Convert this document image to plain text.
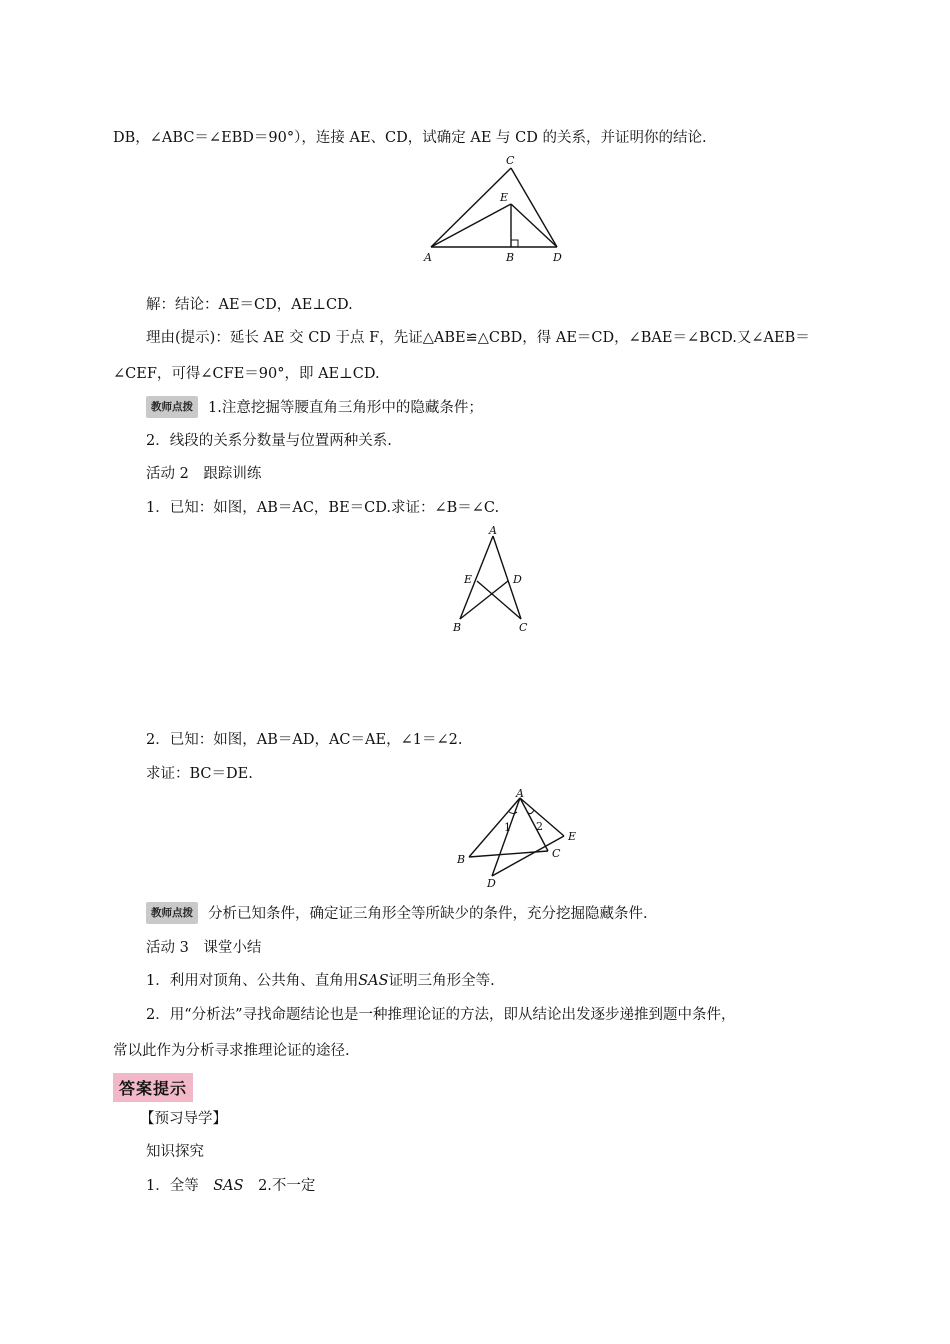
DB，∠ABC＝∠EBD＝90°），连接 AE、CD，试确定 AE 与 CD 的关系，并证明你的结论.
C
E
A	B	D
解：结论：AE＝CD，AE⊥CD.
理由(提示)：延长 AE 交 CD 于点 F，先证△ABE≌△CBD，得 AE＝CD，∠BAE＝∠BCD.又∠AEB＝
∠CEF，可得∠CFE＝90°，即 AE⊥CD.
教师点拨 1.注意挖掘等腰直角三角形中的隐藏条件；
2．线段的关系分数量与位置两种关系.
活动 2　跟踪训练
1．已知：如图，AB＝AC，BE＝CD.求证：∠B＝∠C.
A
E	D
B	C
2．已知：如图，AB＝AD，AC＝AE，∠1＝∠2.
求证：BC＝DE.
A
1 2
E
B	C
D
教师点拨 分析已知条件，确定证三角形全等所缺少的条件，充分挖掘隐藏条件.
活动 3　课堂小结
1．利用对顶角、公共角、直角用SAS证明三角形全等.
2．用“分析法”寻找命题结论也是一种推理论证的方法，即从结论出发逐步递推到题中条件，
常以此作为分析寻求推理论证的途径.
答案提示
【预习导学】
知识探究
1．全等　SAS　2.不一定
